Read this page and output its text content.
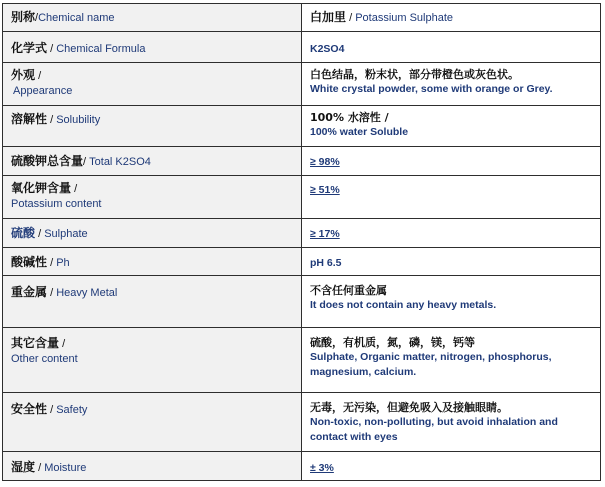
别称/Chemical name	白加里 / Potassium Sulphate
化学式 / Chemical Formula	K2SO4

外观 /
Appearance	白色结晶，粉末状，部分带橙色或灰色状。
White crystal powder, some with orange or Grey.

溶解性 / Solubility	100% 水溶性 /
100% water Soluble

硫酸钾总含量/ Total K2SO4	≥ 98%

氧化钾含量 /
Potassium content	≥ 51%
硫酸 / Sulphate	≥ 17%
酸碱性 / Ph	pH 6.5
重金属 / Heavy Metal	不含任何重金属
It does not contain any heavy metals.

其它含量 /
Other content	硫酸，有机质，氮，磷，镁，钙等
Sulphate, Organic matter, nitrogen, phosphorus,
magnesium, calcium.

安全性 / Safety	无毒，无污染，但避免吸入及接触眼睛。
Non-toxic, non-polluting, but avoid inhalation and
contact with eyes

湿度 / Moisture	± 3%
